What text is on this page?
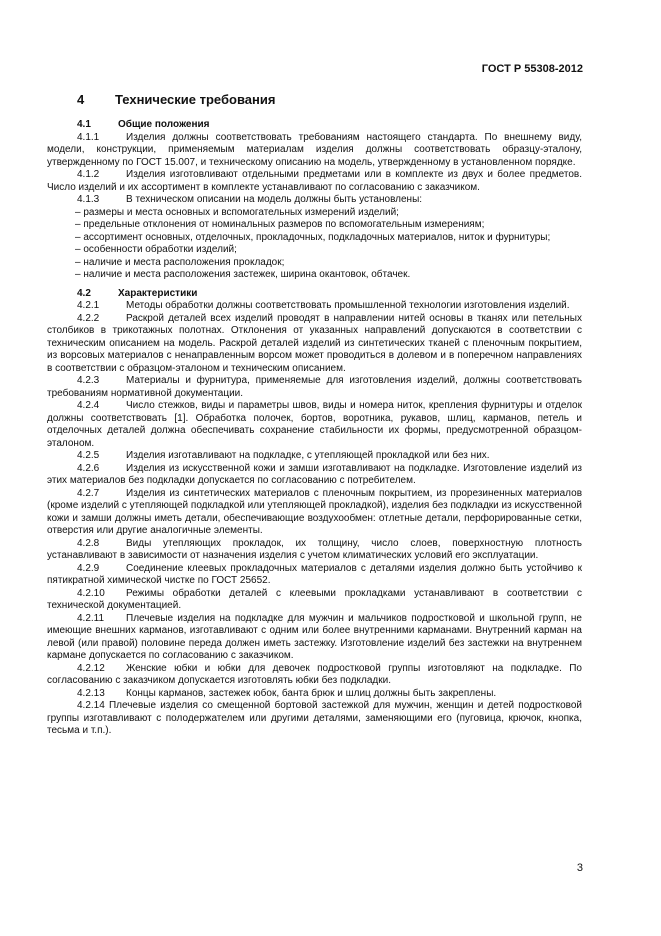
ГОСТ Р 55308-2012
4 Технические требования
4.1	Общие положения
4.1.1	Изделия должны соответствовать требованиям настоящего стандарта. По внешнему виду, модели, конструкции, применяемым материалам изделия должны соответствовать образцу-эталону, утвержденному по ГОСТ 15.007, и техническому описанию на модель, утвержденному в установленном порядке.
4.1.2	Изделия изготовливают отдельными предметами или в комплекте из двух и более предметов. Число изделий и их ассортимент в комплекте устанавливают по согласованию с заказчиком.
4.1.3	В техническом описании на модель должны быть установлены:
– размеры и места основных и вспомогательных измерений изделий;
– предельные отклонения от номинальных размеров по вспомогательным измерениям;
– ассортимент основных, отделочных, прокладочных, подкладочных материалов, ниток и фурнитуры;
– особенности обработки изделий;
– наличие и места расположения прокладок;
– наличие и места расположения застежек, ширина окантовок, обтачек.
4.2	Характеристики
4.2.1	Методы обработки должны соответствовать промышленной технологии изготовления изделий.
4.2.2	Раскрой деталей всех изделий проводят в направлении нитей основы в тканях или петельных столбиков в трикотажных полотнах. Отклонения от указанных направлений допускаются в соответствии с техническим описанием на модель. Раскрой деталей изделий из синтетических тканей с пленочным покрытием, из ворсовых материалов с ненаправленным ворсом может проводиться в долевом и в поперечном направлениях в соответствии с образцом-эталоном и техническим описанием.
4.2.3	Материалы и фурнитура, применяемые для изготовления изделий, должны соответствовать требованиям нормативной документации.
4.2.4	Число стежков, виды и параметры швов, виды и номера ниток, крепления фурнитуры и отделок должны соответствовать [1]. Обработка полочек, бортов, воротника, рукавов, шлиц, карманов, петель и отделочных деталей должна обеспечивать сохранение стабильности их формы, предусмотренной образцом-эталоном.
4.2.5	Изделия изготавливают на подкладке, с утепляющей прокладкой или без них.
4.2.6	Изделия из искусственной кожи и замши изготавливают на подкладке. Изготовление изделий из этих материалов без подкладки допускается по согласованию с потребителем.
4.2.7	Изделия из синтетических материалов с пленочным покрытием, из прорезиненных материалов (кроме изделий с утепляющей подкладкой или утепляющей прокладкой), изделия без подкладки из искусственной кожи и замши должны иметь детали, обеспечивающие воздухообмен: отлетные детали, перфорированные сетки, отверстия или другие аналогичные элементы.
4.2.8	Виды утепляющих прокладок, их толщину, число слоев, поверхностную плотность устанавливают в зависимости от назначения изделия с учетом климатических условий его эксплуатации.
4.2.9	Соединение клеевых прокладочных материалов с деталями изделия должно быть устойчиво к пятикратной химической чистке по ГОСТ 25652.
4.2.10 Режимы обработки деталей с клеевыми прокладками устанавливают в соответствии с технической документацией.
4.2.11 Плечевые изделия на подкладке для мужчин и мальчиков подростковой и школьной групп, не имеющие внешних карманов, изготавливают с одним или более внутренними карманами. Внутренний карман на левой (или правой) половине переда должен иметь застежку. Изготовление изделий без застежки на внутреннем кармане допускается по согласованию с заказчиком.
4.2.12 Женские юбки и юбки для девочек подростковой группы изготовляют на подкладке. По согласованию с заказчиком допускается изготовлять юбки без подкладки.
4.2.13 Концы карманов, застежек юбок, банта брюк и шлиц должны быть закреплены.
4.2.14 Плечевые изделия со смещенной бортовой застежкой для мужчин, женщин и детей подростковой группы изготавливают с полодержателем или другими деталями, заменяющими его (пуговица, крючок, кнопка, тесьма и т.п.).
3
